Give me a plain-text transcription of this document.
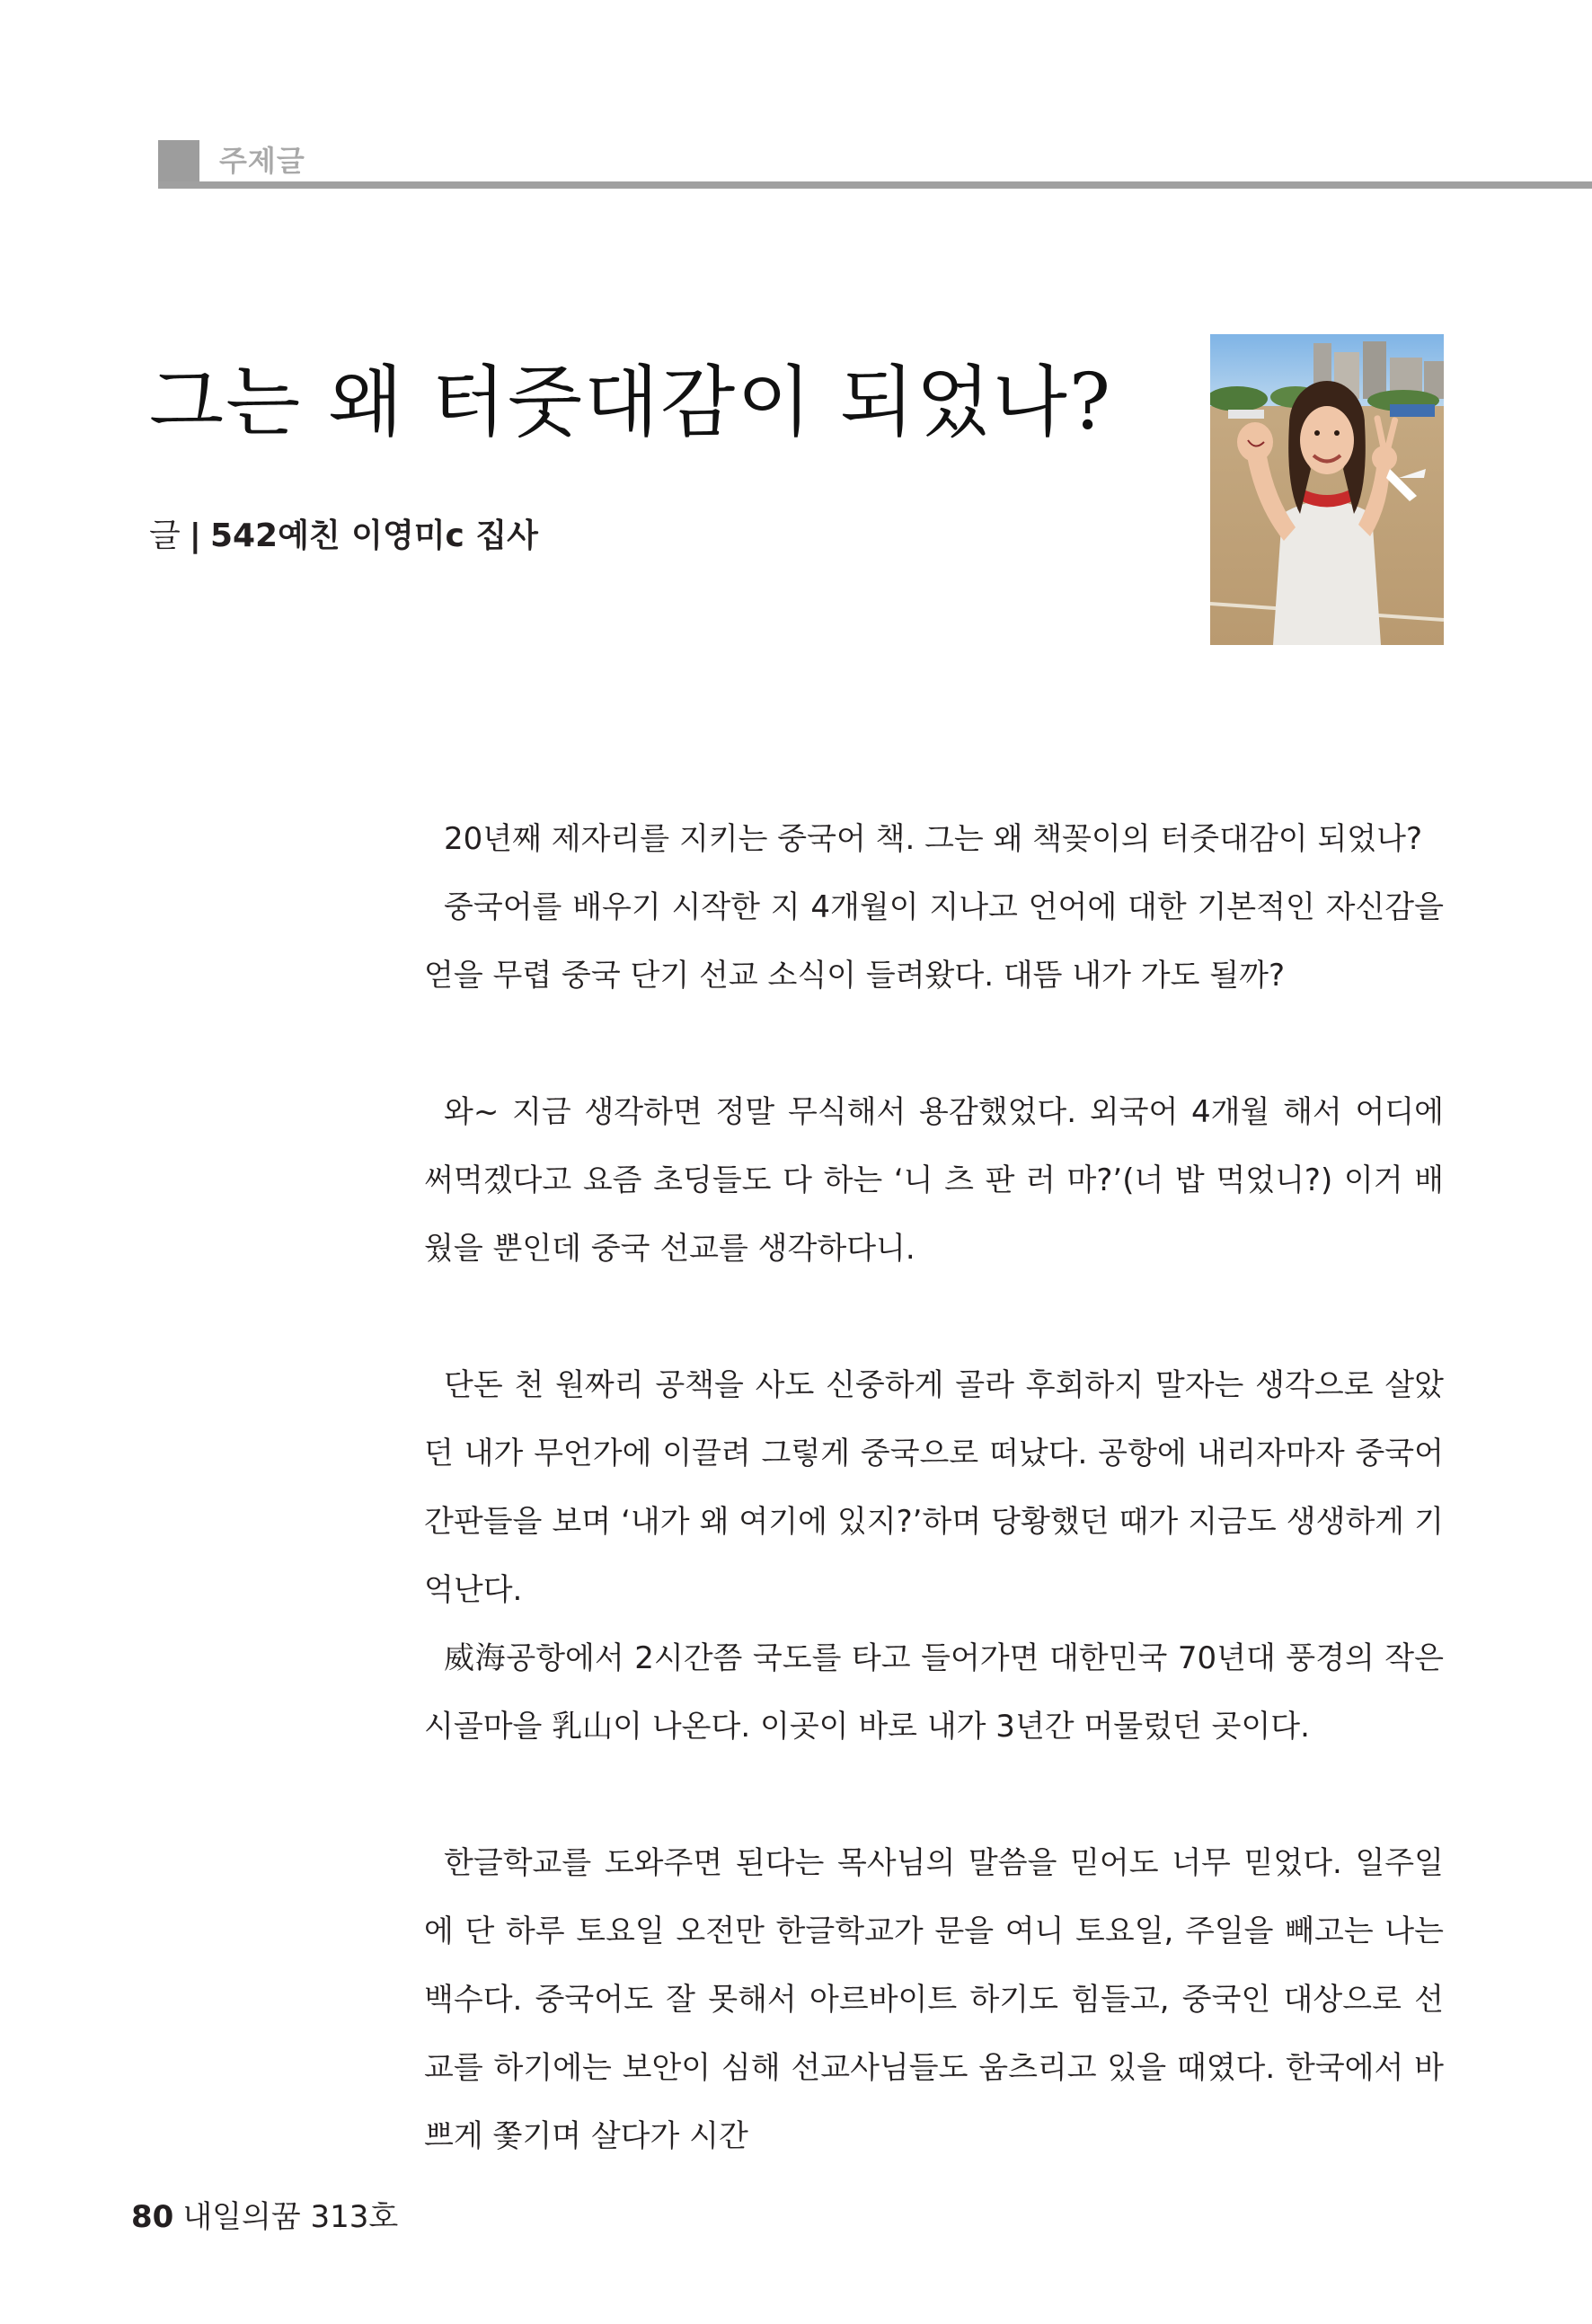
주제글
그는 왜 터줏대감이 되었나?
글 | 542예친 이영미c 집사

20년째 제자리를 지키는 중국어 책. 그는 왜 책꽂이의 터줏대감이 되었나?

중국어를 배우기 시작한 지 4개월이 지나고 언어에 대한 기본적인 자신감을 얻을 무렵 중국 단기 선교 소식이 들려왔다. 대뜸 내가 가도 될까?

와~ 지금 생각하면 정말 무식해서 용감했었다. 외국어 4개월 해서 어디에 써먹겠다고 요즘 초딩들도 다 하는 ‘니 츠 판 러 마?’(너 밥 먹었니?) 이거 배웠을 뿐인데 중국 선교를 생각하다니.

단돈 천 원짜리 공책을 사도 신중하게 골라 후회하지 말자는 생각으로 살았던 내가 무언가에 이끌려 그렇게 중국으로 떠났다. 공항에 내리자마자 중국어 간판들을 보며 ‘내가 왜 여기에 있지?’하며 당황했던 때가 지금도 생생하게 기억난다.

威海공항에서 2시간쯤 국도를 타고 들어가면 대한민국 70년대 풍경의 작은 시골마을 乳山이 나온다. 이곳이 바로 내가 3년간 머물렀던 곳이다.

한글학교를 도와주면 된다는 목사님의 말씀을 믿어도 너무 믿었다. 일주일에 단 하루 토요일 오전만 한글학교가 문을 여니 토요일, 주일을 빼고는 나는 백수다. 중국어도 잘 못해서 아르바이트 하기도 힘들고, 중국인 대상으로 선교를 하기에는 보안이 심해 선교사님들도 움츠리고 있을 때였다. 한국에서 바쁘게 쫓기며 살다가 시간

80 내일의꿈 313호
